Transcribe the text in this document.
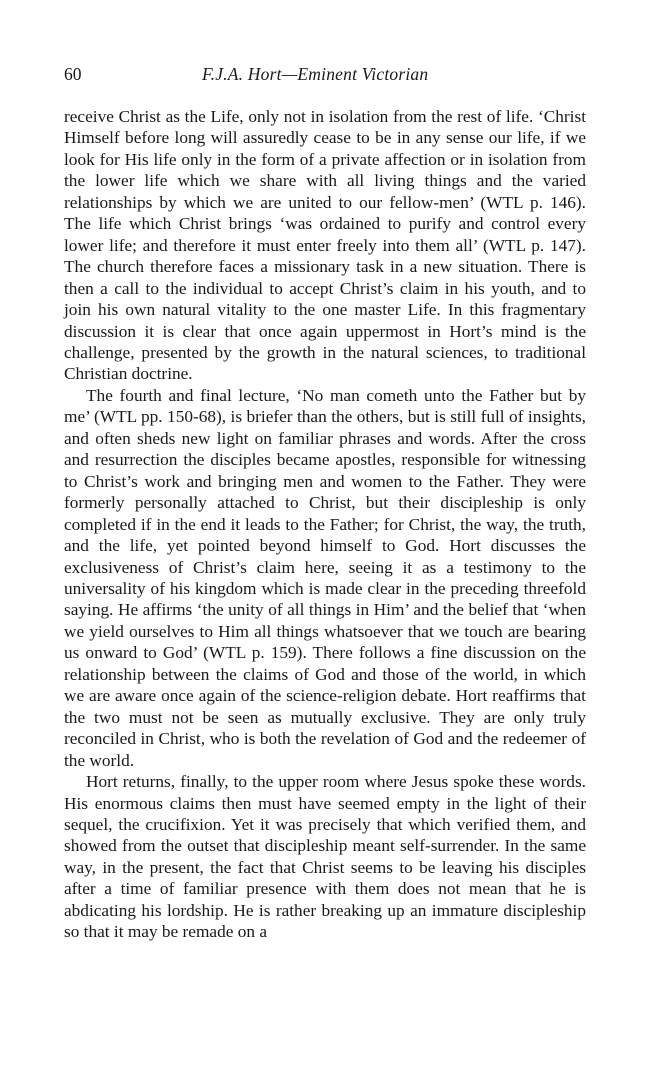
60	F.J.A. Hort—Eminent Victorian

receive Christ as the Life, only not in isolation from the rest of life. ‘Christ Himself before long will assuredly cease to be in any sense our life, if we look for His life only in the form of a private affection or in isolation from the lower life which we share with all living things and the varied relationships by which we are united to our fellow-men’ (WTL p. 146). The life which Christ brings ‘was ordained to purify and control every lower life; and therefore it must enter freely into them all’ (WTL p. 147). The church therefore faces a missionary task in a new situation. There is then a call to the individual to accept Christ’s claim in his youth, and to join his own natural vitality to the one master Life. In this fragmentary discussion it is clear that once again uppermost in Hort’s mind is the challenge, presented by the growth in the natural sciences, to traditional Christian doctrine.

The fourth and final lecture, ‘No man cometh unto the Father but by me’ (WTL pp. 150-68), is briefer than the others, but is still full of insights, and often sheds new light on familiar phrases and words. After the cross and resurrection the disciples became apostles, responsible for witnessing to Christ’s work and bringing men and women to the Father. They were formerly personally attached to Christ, but their discipleship is only completed if in the end it leads to the Father; for Christ, the way, the truth, and the life, yet pointed beyond himself to God. Hort discusses the exclusiveness of Christ’s claim here, seeing it as a testimony to the universality of his kingdom which is made clear in the preceding threefold saying. He affirms ‘the unity of all things in Him’ and the belief that ‘when we yield ourselves to Him all things whatsoever that we touch are bearing us onward to God’ (WTL p. 159). There follows a fine discussion on the relationship between the claims of God and those of the world, in which we are aware once again of the science-religion debate. Hort reaffirms that the two must not be seen as mutually exclusive. They are only truly reconciled in Christ, who is both the revelation of God and the redeemer of the world.

Hort returns, finally, to the upper room where Jesus spoke these words. His enormous claims then must have seemed empty in the light of their sequel, the crucifixion. Yet it was precisely that which verified them, and showed from the outset that discipleship meant self-surrender. In the same way, in the present, the fact that Christ seems to be leaving his disciples after a time of familiar presence with them does not mean that he is abdicating his lordship. He is rather breaking up an immature discipleship so that it may be remade on a
